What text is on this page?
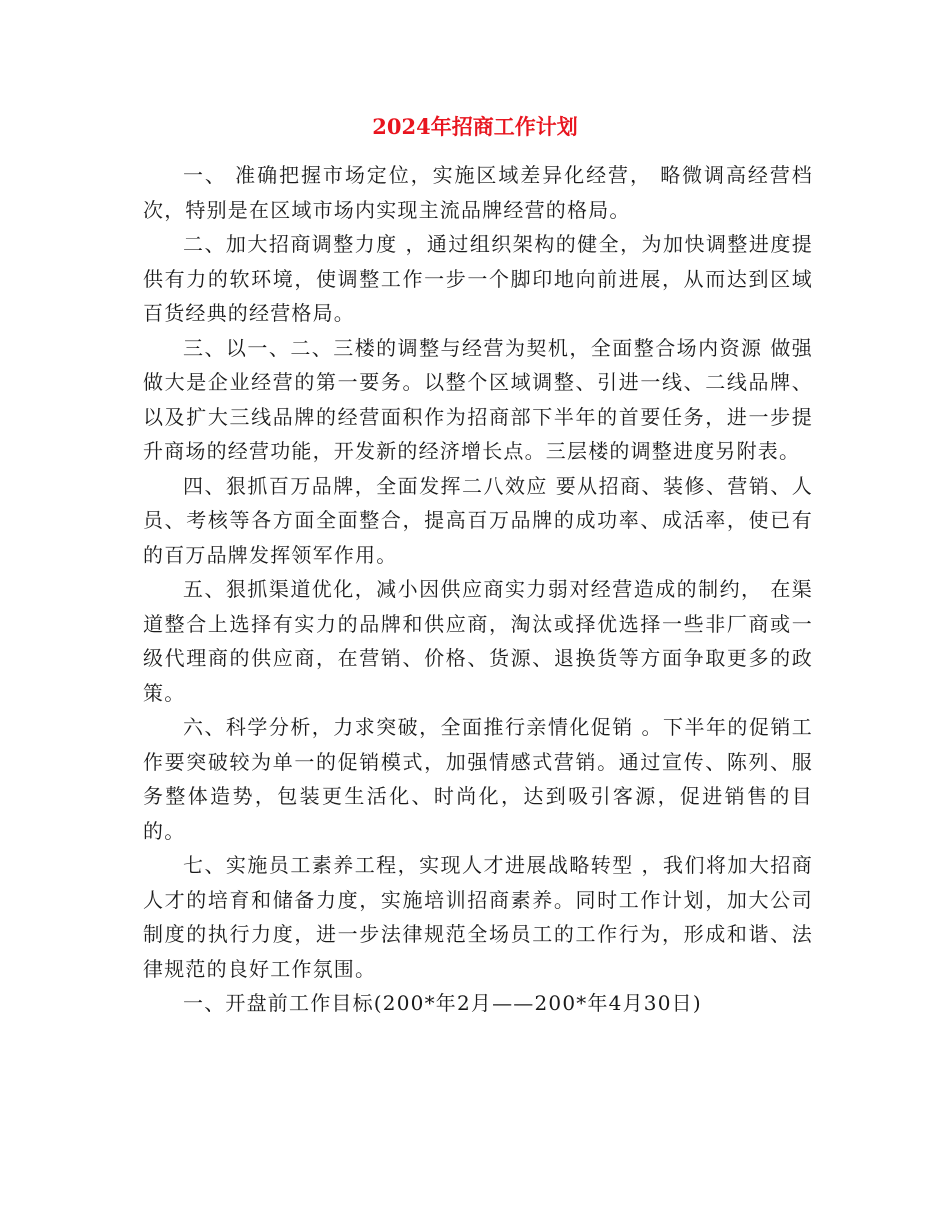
2024年招商工作计划

一、 准确把握市场定位，实施区域差异化经营， 略微调高经营档次，特别是在区域市场内实现主流品牌经营的格局。

二、加大招商调整力度 ，通过组织架构的健全，为加快调整进度提供有力的软环境，使调整工作一步一个脚印地向前进展，从而达到区域百货经典的经营格局。

三、以一、二、三楼的调整与经营为契机，全面整合场内资源 做强做大是企业经营的第一要务。以整个区域调整、引进一线、二线品牌、以及扩大三线品牌的经营面积作为招商部下半年的首要任务，进一步提升商场的经营功能，开发新的经济增长点。三层楼的调整进度另附表。

四、狠抓百万品牌，全面发挥二八效应 要从招商、装修、营销、人员、考核等各方面全面整合，提高百万品牌的成功率、成活率，使已有的百万品牌发挥领军作用。

五、狠抓渠道优化，减小因供应商实力弱对经营造成的制约， 在渠道整合上选择有实力的品牌和供应商，淘汰或择优选择一些非厂商或一级代理商的供应商，在营销、价格、货源、退换货等方面争取更多的政策。

六、科学分析，力求突破，全面推行亲情化促销 。下半年的促销工作要突破较为单一的促销模式，加强情感式营销。通过宣传、陈列、服务整体造势，包装更生活化、时尚化，达到吸引客源，促进销售的目的。

七、实施员工素养工程，实现人才进展战略转型 ，我们将加大招商人才的培育和储备力度，实施培训招商素养。同时工作计划，加大公司制度的执行力度，进一步法律规范全场员工的工作行为，形成和谐、法律规范的良好工作氛围。

一、开盘前工作目标(200*年2月——200*年4月30日)
